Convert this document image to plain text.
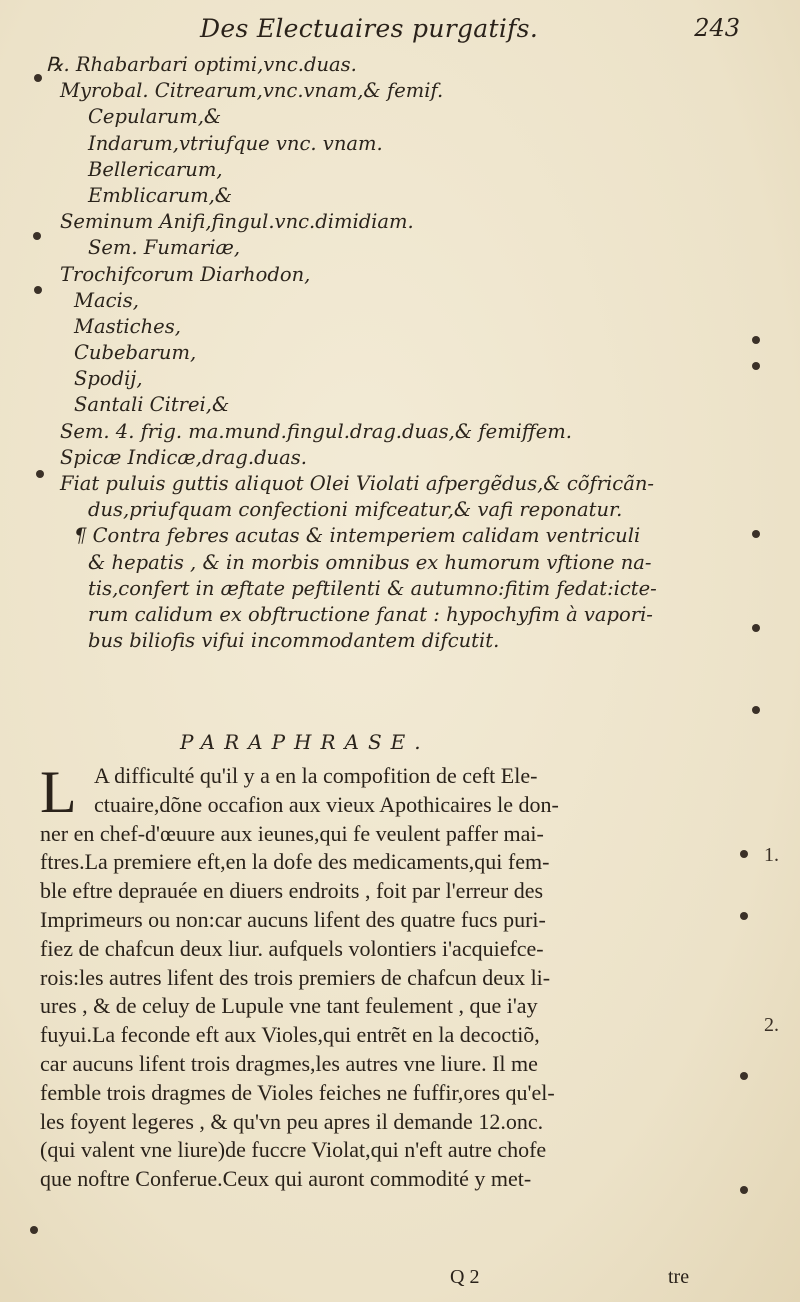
Des Electuaires purgatifs.	243
℞. Rhabarbari optimi,vnc.duas.
Myrobal. Citrearum,vnc.vnam,& femif.
Cepularum,&
Indarum,vtriufque vnc. vnam.
Bellericarum,
Emblicarum,&
Seminum Anifi,fingul.vnc.dimidiam.
Sem. Fumariæ,
Trochifcorum Diarhodon,
Macis,
Mastiches,
Cubebarum,
Spodij,
Santali Citrei,&
Sem. 4. frig. ma.mund.fingul.drag.duas,& femiffem.
Spicæ Indicæ,drag.duas.
Fiat puluis guttis aliquot Olei Violati afpergẽdus,& cõfricãn-
dus,priufquam confectioni mifceatur,& vafi reponatur.
¶ Contra febres acutas & intemperiem calidam ventriculi
& hepatis , & in morbis omnibus ex humorum vftione na-
tis,confert in æftate peftilenti & autumno:fitim fedat:icte-
rum calidum ex obftructione fanat : hypochyfim à vapori-
bus biliofis vifui incommodantem difcutit.
PARAPHRASE.
L A difficulté qu'il y a en la compofition de ceft Ele-
ctuaire,dõne occafion aux vieux Apothicaires le don-
ner en chef-d'œuure aux ieunes,qui fe veulent paffer mai-
ftres.La premiere eft,en la dofe des medicaments,qui fem-
ble eftre deprauée en diuers endroits , foit par l'erreur des
Imprimeurs ou non:car aucuns lifent des quatre fucs puri-
fiez de chafcun deux liur. aufquels volontiers i'acquiefce-
rois:les autres lifent des trois premiers de chafcun deux li-
ures , & de celuy de Lupule vne tant feulement , que i'ay
fuyui.La feconde eft aux Violes,qui entrẽt en la decoctiõ,
car aucuns lifent trois dragmes,les autres vne liure. Il me
femble trois dragmes de Violes feiches ne fuffir,ores qu'el-
les foyent legeres , & qu'vn peu apres il demande 12.onc.
(qui valent vne liure)de fuccre Violat,qui n'eft autre chofe
que noftre Conferue.Ceux qui auront commodité y met-
1.
2.
Q 2	tre
